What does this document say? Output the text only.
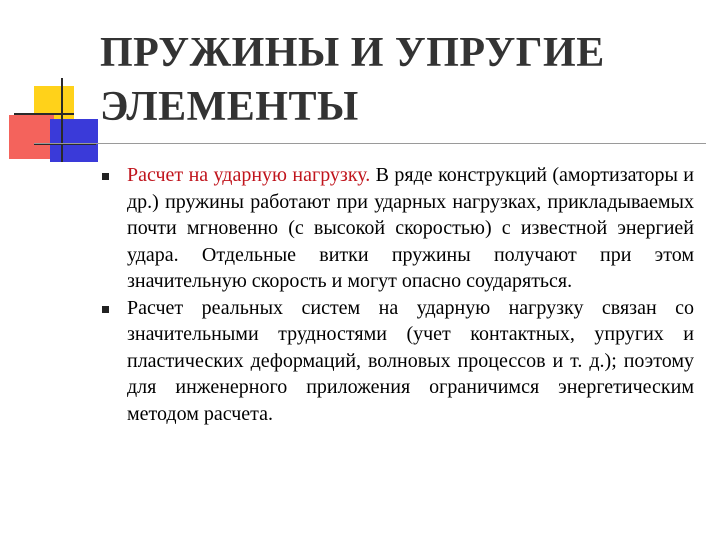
ПРУЖИНЫ И УПРУГИЕ ЭЛЕМЕНТЫ
Расчет на ударную нагрузку. В ряде конструкций (амортизаторы и др.) пружины работают при ударных нагрузках, прикладываемых почти мгновенно (с высокой скоростью) с известной энергией удара. Отдельные витки пружины получают при этом значительную скорость и могут опасно соударяться.
Расчет реальных систем на ударную нагрузку связан со значительными трудностями (учет контактных, упругих и пластических деформаций, волновых процессов и т. д.); поэтому для инженерного приложения ограничимся энергетическим методом расчета.
